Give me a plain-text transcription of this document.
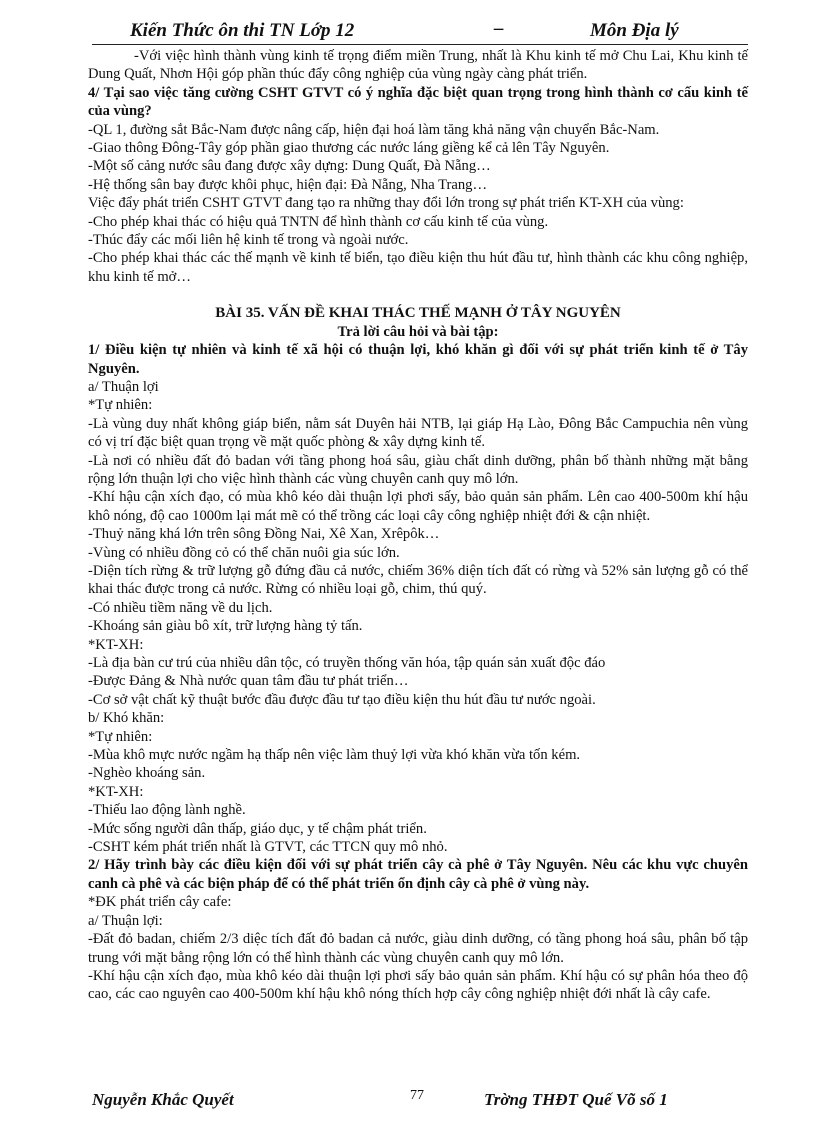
Kiến Thức ôn thi TN Lớp 12	–	Môn Địa lý

-Với việc hình thành vùng kinh tế trọng điểm miền Trung, nhất là Khu kinh tế mở Chu Lai, Khu kinh tế Dung Quất, Nhơn Hội góp phần thúc đẩy công nghiệp của vùng ngày càng phát triển.

4/ Tại sao việc tăng cường CSHT GTVT có ý nghĩa đặc biệt quan trọng trong hình thành cơ cấu kinh tế của vùng?

-QL 1, đường sắt Bắc-Nam được nâng cấp, hiện đại hoá làm tăng khả năng vận chuyển Bắc-Nam.

-Giao thông Đông-Tây góp phần giao thương các nước láng giềng kể cả lên Tây Nguyên.

-Một số cảng nước sâu đang được xây dựng: Dung Quất, Đà Nẵng…

-Hệ thống sân bay được khôi phục, hiện đại: Đà Nẵng, Nha Trang…

Việc đẩy phát triển CSHT GTVT đang tạo ra những thay đổi lớn trong sự phát triển KT-XH của vùng:

-Cho phép khai thác có hiệu quả TNTN để hình thành cơ cấu kinh tế của vùng.

-Thúc đẩy các mối liên hệ kinh tế trong và ngoài nước.

-Cho phép khai thác các thế mạnh về kinh tế biển, tạo điều kiện thu hút đầu tư, hình thành các khu công nghiệp, khu kinh tế mở…

BÀI 35. VẤN ĐỀ KHAI THÁC THẾ MẠNH Ở TÂY NGUYÊN

Trả lời câu hỏi và bài tập:

1/ Điều kiện tự nhiên và kinh tế xã hội có thuận lợi, khó khăn gì đối với sự phát triển kinh tế ở Tây Nguyên.

a/ Thuận lợi

*Tự nhiên:

-Là vùng duy nhất không giáp biển, nằm sát Duyên hải NTB, lại giáp Hạ Lào, Đông Bắc Campuchia nên vùng có vị trí đặc biệt quan trọng về mặt quốc phòng & xây dựng kinh tế.

-Là nơi có nhiều đất đỏ badan với tầng phong hoá sâu, giàu chất dinh dưỡng, phân bố thành những mặt bằng rộng lớn thuận lợi cho việc hình thành các vùng chuyên canh quy mô lớn.

-Khí hậu cận xích đạo, có mùa khô kéo dài thuận lợi phơi sấy, bảo quản sản phẩm. Lên cao 400-500m khí hậu khô nóng, độ cao 1000m lại mát mẽ có thể trồng các loại cây công nghiệp nhiệt đới & cận nhiệt.

-Thuỷ năng khá lớn trên sông Đồng Nai, Xê Xan, Xrêpôk…

-Vùng có nhiều đồng cỏ có thể chăn nuôi gia súc lớn.

-Diện tích rừng & trữ lượng gỗ đứng đầu cả nước, chiếm 36% diện tích đất có rừng và 52% sản lượng gỗ có thể khai thác được trong cả nước. Rừng có nhiều loại gỗ, chim, thú quý.

-Có nhiều tiềm năng về du lịch.

-Khoáng sản giàu bô xít, trữ lượng hàng tỷ tấn.

*KT-XH:

-Là địa bàn cư trú của nhiều dân tộc, có truyền thống văn hóa, tập quán sản xuất độc đáo

-Được Đảng & Nhà nước quan tâm đầu tư phát triển…

-Cơ sở vật chất kỹ thuật bước đầu được đầu tư tạo điều kiện thu hút đầu tư nước ngoài.

b/ Khó khăn:

*Tự nhiên:

-Mùa khô mực nước ngầm hạ thấp nên việc làm thuỷ lợi vừa khó khăn vừa tốn kém.

-Nghèo khoáng sản.

*KT-XH:

-Thiếu lao động lành nghề.

-Mức sống người dân thấp, giáo dục, y tế chậm phát triển.

-CSHT kém phát triển nhất là GTVT, các TTCN quy mô nhỏ.

2/ Hãy trình bày các điều kiện đối với sự phát triển cây cà phê ở Tây Nguyên. Nêu các khu vực chuyên canh cà phê và các biện pháp để có thể phát triển ổn định cây cà phê ở vùng này.

*ĐK phát triển cây cafe:

a/ Thuận lợi:

-Đất đỏ badan, chiếm 2/3 diệc tích đất đỏ badan cả nước, giàu dinh dưỡng, có tầng phong hoá sâu, phân bố tập trung với mặt bằng rộng lớn có thể hình thành các vùng chuyên canh quy mô lớn.

-Khí hậu cận xích đạo, mùa khô kéo dài thuận lợi phơi sấy bảo quản sản phẩm. Khí hậu có sự phân hóa theo độ cao, các cao nguyên cao 400-500m khí hậu khô nóng thích hợp cây công nghiệp nhiệt đới nhất là cây cafe.

Nguyễn Khắc Quyết	77	Trờng THĐT Quế Võ số 1
